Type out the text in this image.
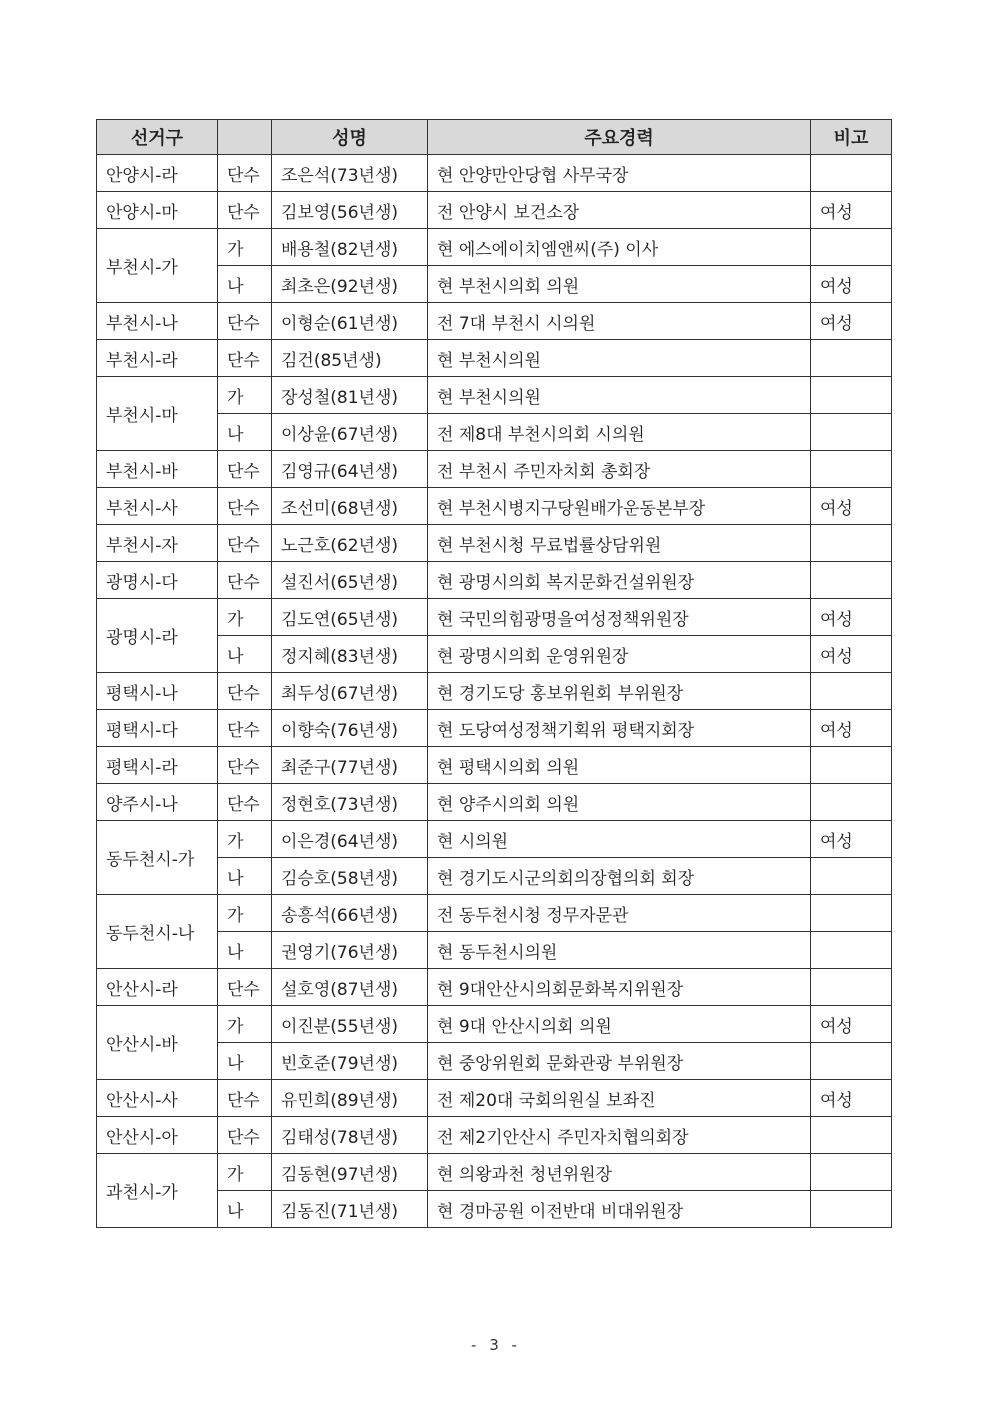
선거구		성명	주요경력	비고
안양시-라	단수	조은석(73년생)	현 안양만안당협 사무국장	
안양시-마	단수	김보영(56년생)	전 안양시 보건소장	여성
부천시-가	가	배용철(82년생)	현 에스에이치엠앤씨(주) 이사	
	나	최초은(92년생)	현 부천시의회 의원	여성
부천시-나	단수	이형순(61년생)	전 7대 부천시 시의원	여성
부천시-라	단수	김건(85년생)	현 부천시의원	
부천시-마	가	장성철(81년생)	현 부천시의원	
	나	이상윤(67년생)	전 제8대 부천시의회 시의원	
부천시-바	단수	김영규(64년생)	전 부천시 주민자치회 총회장	
부천시-사	단수	조선미(68년생)	현 부천시병지구당원배가운동본부장	여성
부천시-자	단수	노근호(62년생)	현 부천시청 무료법률상담위원	
광명시-다	단수	설진서(65년생)	현 광명시의회 복지문화건설위원장	
광명시-라	가	김도연(65년생)	현 국민의힘광명을여성정책위원장	여성
	나	정지혜(83년생)	현 광명시의회 운영위원장	여성
평택시-나	단수	최두성(67년생)	현 경기도당 홍보위원회 부위원장	
평택시-다	단수	이향숙(76년생)	현 도당여성정책기획위 평택지회장	여성
평택시-라	단수	최준구(77년생)	현 평택시의회 의원	
양주시-나	단수	정현호(73년생)	현 양주시의회 의원	
동두천시-가	가	이은경(64년생)	현 시의원	여성
	나	김승호(58년생)	현 경기도시군의회의장협의회 회장	
동두천시-나	가	송흥석(66년생)	전 동두천시청 정무자문관	
	나	권영기(76년생)	현 동두천시의원	
안산시-라	단수	설호영(87년생)	현 9대안산시의회문화복지위원장	
안산시-바	가	이진분(55년생)	현 9대 안산시의회 의원	여성
	나	빈호준(79년생)	현 중앙위원회 문화관광 부위원장	
안산시-사	단수	유민희(89년생)	전 제20대 국회의원실 보좌진	여성
안산시-아	단수	김태성(78년생)	전 제2기안산시 주민자치협의회장	
과천시-가	가	김동현(97년생)	현 의왕과천 청년위원장	
	나	김동진(71년생)	현 경마공원 이전반대 비대위원장	
- 3 -
